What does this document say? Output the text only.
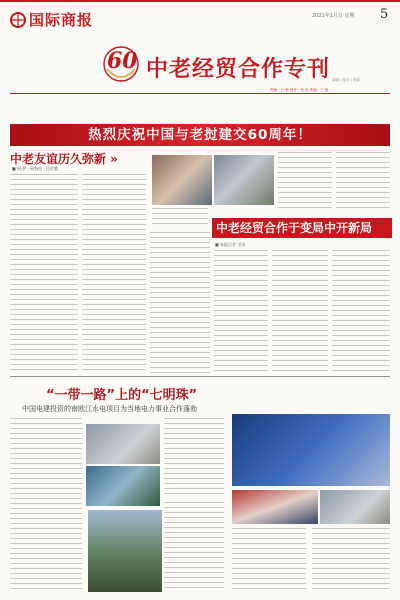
国际商报	2021年1月日 星期 5
60 中老经贸合作专刊 编辑 | 校对 | 美编
责编：白 莉 校对：张 琰 美编：王 丽
热烈庆祝中国与老挝建交60周年！
中老友谊历久弥新 »
■ 柯·萨 · 阿努拉 · 拉萨翁
中老经贸合作于变局中开新局
■ 本报记者 毛雨
“一带一路”上的“七明珠”
中国电建投资的南欧江水电项目为当地电力事业合作蓬勃
